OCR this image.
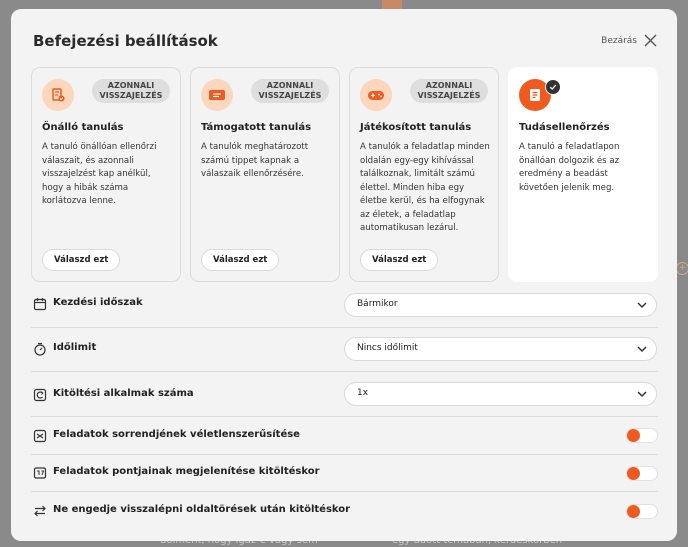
+
Befejezési beállítások	Bezárás
AZONNALI VISSZAJELZÉS
Önálló tanulás
A tanuló önállóan ellenőrzi válaszait, és azonnali visszajelzést kap anélkül, hogy a hibák száma korlátozva lenne.
Válaszd ezt
AZONNALI VISSZAJELZÉS
Támogatott tanulás
A tanulók meghatározott számú tippet kapnak a válaszaik ellenőrzésére.
Válaszd ezt
AZONNALI VISSZAJELZÉS
Játékosított tanulás
A tanulók a feladatlap minden oldalán egy-egy kihívással találkoznak, limitált számú élettel. Minden hiba egy életbe kerül, és ha elfogynak az életek, a feladatlap automatikusan lezárul.
Válaszd ezt
Tudásellenőrzés
A tanuló a feladatlapon önállóan dolgozik és az eredmény a beadást követően jelenik meg.
Kezdési időszak	Bármikor
Időlimit	Nincs időlimit
Kitöltési alkalmak száma	1x
Feladatok sorrendjének véletlenszerűsítése
Feladatok pontjainak megjelenítése kitöltéskor
Ne engedje visszalépni oldaltörések után kitöltéskor
